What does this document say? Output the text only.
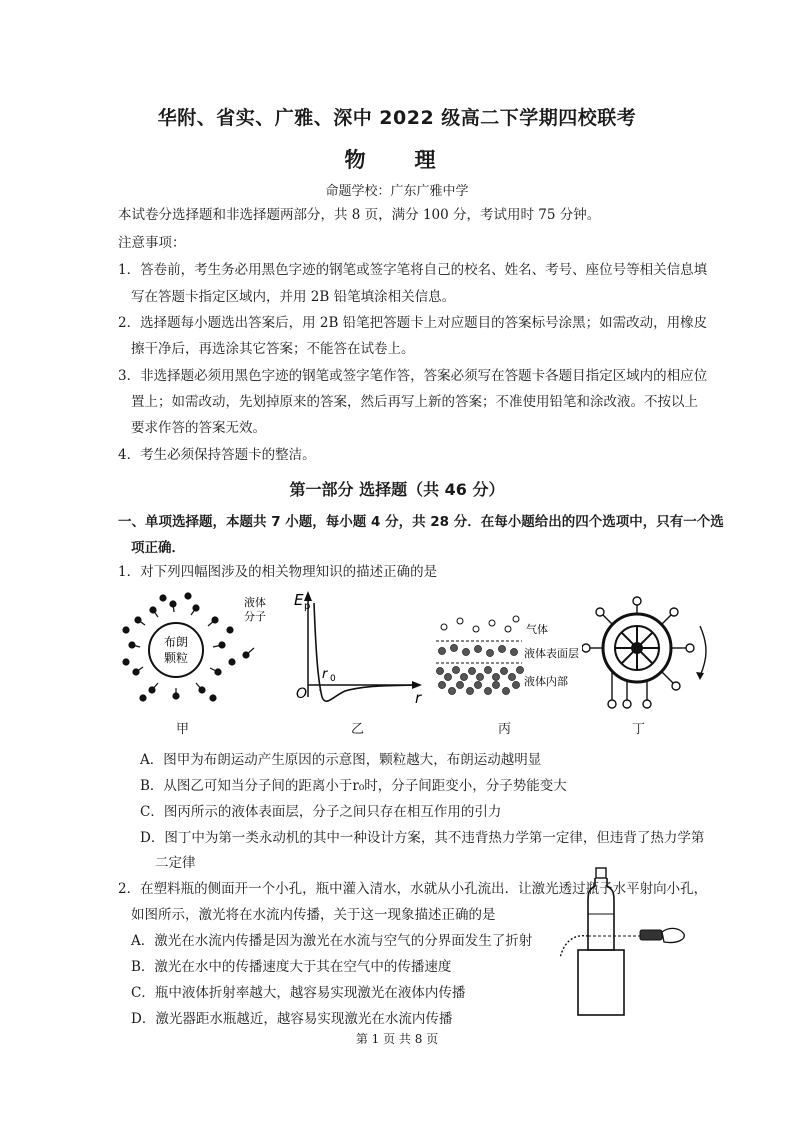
华附、省实、广雅、深中 2022 级高二下学期四校联考
物　理
命题学校：广东广雅中学
本试卷分选择题和非选择题两部分，共 8 页，满分 100 分，考试用时 75 分钟。
注意事项：
1．答卷前，考生务必用黑色字迹的钢笔或签字笔将自己的校名、姓名、考号、座位号等相关信息填
写在答题卡指定区域内，并用 2B 铅笔填涂相关信息。
2．选择题每小题选出答案后，用 2B 铅笔把答题卡上对应题目的答案标号涂黑；如需改动，用橡皮
擦干净后，再选涂其它答案；不能答在试卷上。
3．非选择题必须用黑色字迹的钢笔或签字笔作答，答案必须写在答题卡各题目指定区域内的相应位
置上；如需改动，先划掉原来的答案，然后再写上新的答案；不准使用铅笔和涂改液。不按以上
要求作答的答案无效。
4．考生必须保持答题卡的整洁。
第一部分 选择题（共 46 分）
一、单项选择题，本题共 7 小题，每小题 4 分，共 28 分．在每小题给出的四个选项中，只有一个选
项正确．
1．对下列四幅图涉及的相关物理知识的描述正确的是
布朗
颗粒
液体
分子
甲
E p
O
r 0
r
乙
气体
液体表面层
液体内部
丙	丁
A．图甲为布朗运动产生原因的示意图，颗粒越大，布朗运动越明显
B．从图乙可知当分子间的距离小于r₀时，分子间距变小，分子势能变大
C．图丙所示的液体表面层，分子之间只存在相互作用的引力
D．图丁中为第一类永动机的其中一种设计方案，其不违背热力学第一定律，但违背了热力学第
二定律
2．在塑料瓶的侧面开一个小孔，瓶中灌入清水，水就从小孔流出．让激光透过瓶子水平射向小孔，
如图所示，激光将在水流内传播，关于这一现象描述正确的是
A．激光在水流内传播是因为激光在水流与空气的分界面发生了折射
B．激光在水中的传播速度大于其在空气中的传播速度
C．瓶中液体折射率越大，越容易实现激光在液体内传播
D．激光器距水瓶越近，越容易实现激光在水流内传播
第 1 页 共 8 页
